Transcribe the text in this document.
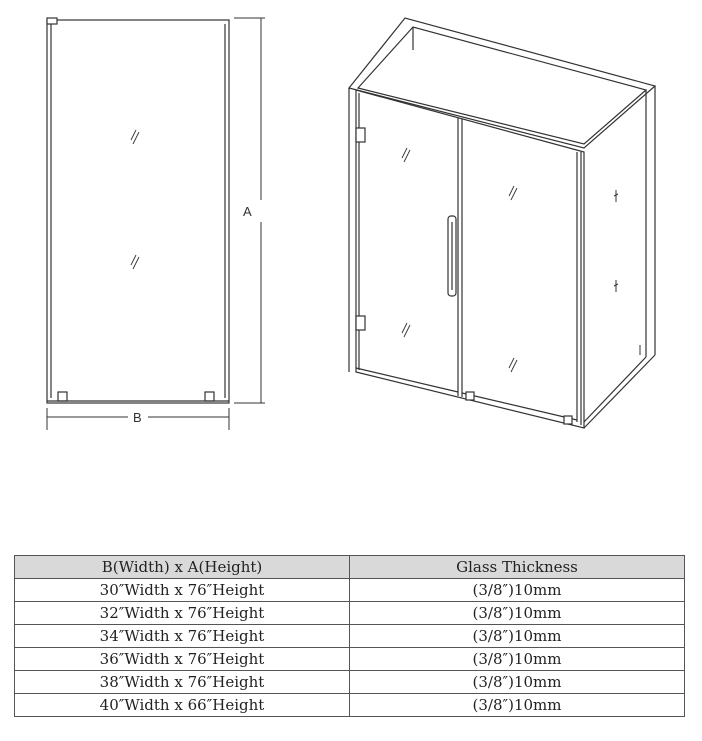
A
B
B(Width) x A(Height)	Glass Thickness
30″Width x 76″Height	(3/8″)10mm
32″Width x 76″Height	(3/8″)10mm
34″Width x 76″Height	(3/8″)10mm
36″Width x 76″Height	(3/8″)10mm
38″Width x 76″Height	(3/8″)10mm
40″Width x 66″Height	(3/8″)10mm
